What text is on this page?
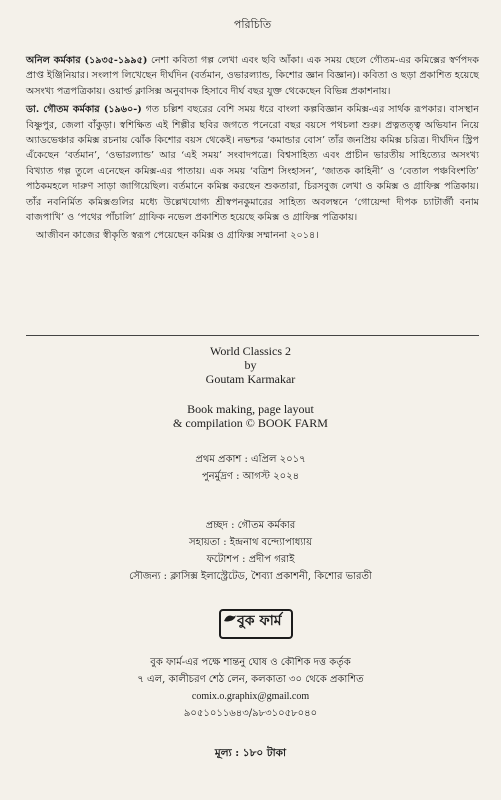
পরিচিতি

অনিল কর্মকার (১৯৩৫-১৯৯৫) নেশা কবিতা গল্প লেখা এবং ছবি আঁকা। এক সময় ছেলে গৌতম-এর কমিক্সের স্বর্ণপদক প্রাপ্ত ইঞ্জিনিয়ার। সংলাপ লিখেছেন দীর্ঘদিন (বর্তমান, ওভারল্যান্ড, কিশোর জ্ঞান বিজ্ঞান)। কবিতা ও ছড়া প্রকাশিত হয়েছে অসংখ্য পত্রপত্রিকায়। ওয়ার্ল্ড ক্লাসিক্স অনুবাদক হিসাবে দীর্ঘ বছর যুক্ত থেকেছেন বিভিন্ন প্রকাশনায়।

ডা. গৌতম কর্মকার (১৯৬০-) গত চল্লিশ বছরের বেশি সময় ধরে বাংলা কল্পবিজ্ঞান কমিক্স-এর সার্থক রূপকার। বাসস্থান বিষ্ণুপুর, জেলা বাঁকুড়া। স্বশিক্ষিত এই শিল্পীর ছবির জগতে পনেরো বছর বয়সে পথচলা শুরু। প্রত্নতত্ত্ব অভিযান নিয়ে অ্যাডভেঞ্চার কমিক্স রচনায় ঝোঁক কিশোর বয়স থেকেই। নভশ্চর ‘কমান্ডার বোস’ তাঁর জনপ্রিয় কমিক্স চরিত্র। দীর্ঘদিন স্ট্রিপ এঁকেছেন ‘বর্তমান’, ‘ওভারল্যান্ড’ আর ‘এই সময়’ সংবাদপত্রে। বিশ্বসাহিত্য এবং প্রাচীন ভারতীয় সাহিত্যের অসংখ্য বিখ্যাত গল্প তুলে এনেছেন কমিক্স-এর পাতায়। এক সময় ‘বত্রিশ সিংহাসন’, ‘জাতক কাহিনী’ ও ‘বেতাল পঞ্চবিংশতি’ পাঠকমহলে দারুণ সাড়া জাগিয়েছিল। বর্তমানে কমিক্স করছেন শুকতারা, চিরসবুজ লেখা ও কমিক্স ও গ্রাফিক্স পত্রিকায়। তাঁর নবনির্মিত কমিক্সগুলির মধ্যে উল্লেখযোগ্য শ্রীস্বপনকুমারের সাহিত্য অবলম্বনে ‘গোয়েন্দা দীপক চ্যাটার্জী বনাম বাজপাখি’ ও ‘পথের পাঁচালি’ গ্রাফিক নভেল প্রকাশিত হয়েছে কমিক্স ও গ্রাফিক্স পত্রিকায়।

আজীবন কাজের স্বীকৃতি স্বরূপ পেয়েছেন কমিক্স ও গ্রাফিক্স সম্মাননা ২০১৪।

World Classics 2
by
Goutam Karmakar
Book making, page layout
& compilation © BOOK FARM
প্রথম প্রকাশ : এপ্রিল ২০১৭
পুনর্মুদ্রণ : আগস্ট ২০২৪
প্রচ্ছদ : গৌতম কর্মকার
সহায়তা : ইন্দ্রনাথ বন্দ্যোপাধ্যায়
ফটোশপ : প্রদীপ গরাই
সৌজন্য : ক্লাসিক্স ইলাস্ট্রেটেড, শৈব্যা প্রকাশনী, কিশোর ভারতী
বুক ফার্ম
বুক ফার্ম-এর পক্ষে শান্তনু ঘোষ ও কৌশিক দত্ত কর্তৃক
৭ এল, কালীচরণ শেঠ লেন, কলকাতা ৩০ থেকে প্রকাশিত
comix.o.graphix@gmail.com
৯০৫১০১১৬৪৩/৯৮৩১০৫৮০৪০
মূল্য : ১৮০ টাকা
